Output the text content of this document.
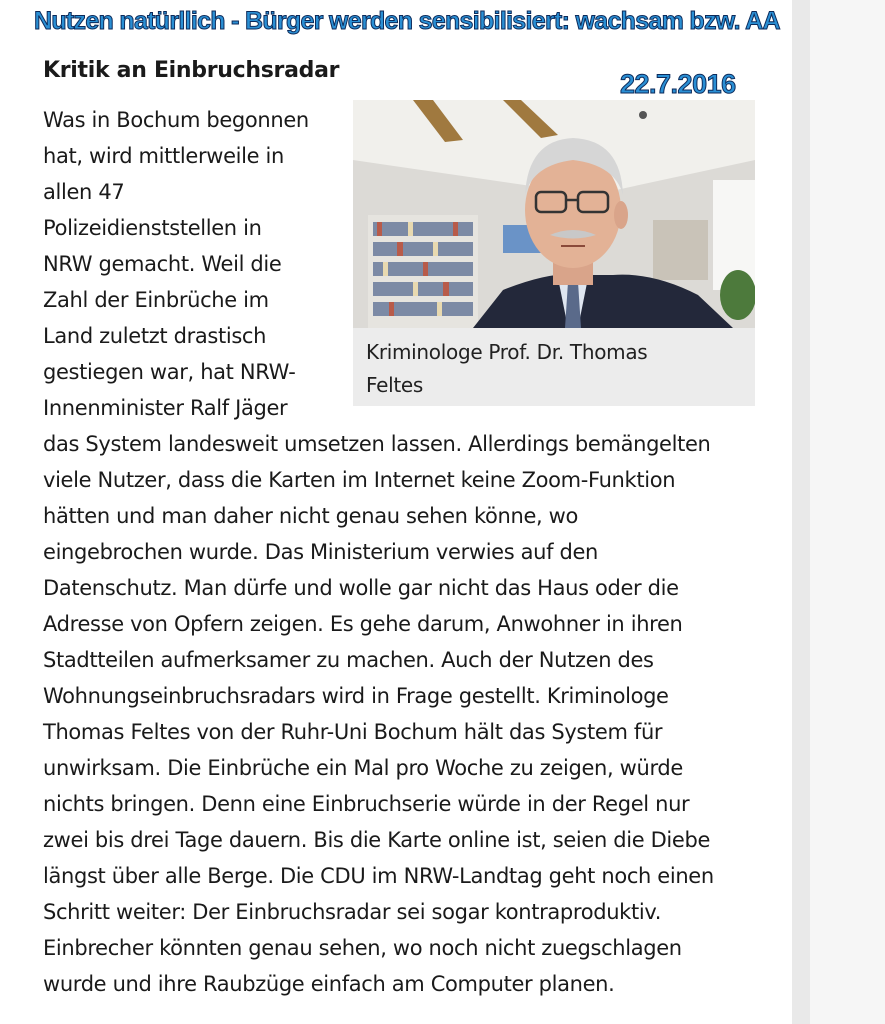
Nutzen natürllich - Bürger werden sensibilisiert: wachsam bzw. AA
Kritik an Einbruchsradar	22.7.2016
Kriminologe Prof. Dr. Thomas
Feltes
Was in Bochum begonnen
hat, wird mittlerweile in
allen 47
Polizeidienststellen in
NRW gemacht. Weil die
Zahl der Einbrüche im
Land zuletzt drastisch
gestiegen war, hat NRW-
Innenminister Ralf Jäger
das System landesweit umsetzen lassen. Allerdings bemängelten
viele Nutzer, dass die Karten im Internet keine Zoom-Funktion
hätten und man daher nicht genau sehen könne, wo
eingebrochen wurde. Das Ministerium verwies auf den
Datenschutz. Man dürfe und wolle gar nicht das Haus oder die
Adresse von Opfern zeigen. Es gehe darum, Anwohner in ihren
Stadtteilen aufmerksamer zu machen. Auch der Nutzen des
Wohnungseinbruchsradars wird in Frage gestellt. Kriminologe
Thomas Feltes von der Ruhr-Uni Bochum hält das System für
unwirksam. Die Einbrüche ein Mal pro Woche zu zeigen, würde
nichts bringen. Denn eine Einbruchserie würde in der Regel nur
zwei bis drei Tage dauern. Bis die Karte online ist, seien die Diebe
längst über alle Berge. Die CDU im NRW-Landtag geht noch einen
Schritt weiter: Der Einbruchsradar sei sogar kontraproduktiv.
Einbrecher könnten genau sehen, wo noch nicht zuegschlagen
wurde und ihre Raubzüge einfach am Computer planen.
